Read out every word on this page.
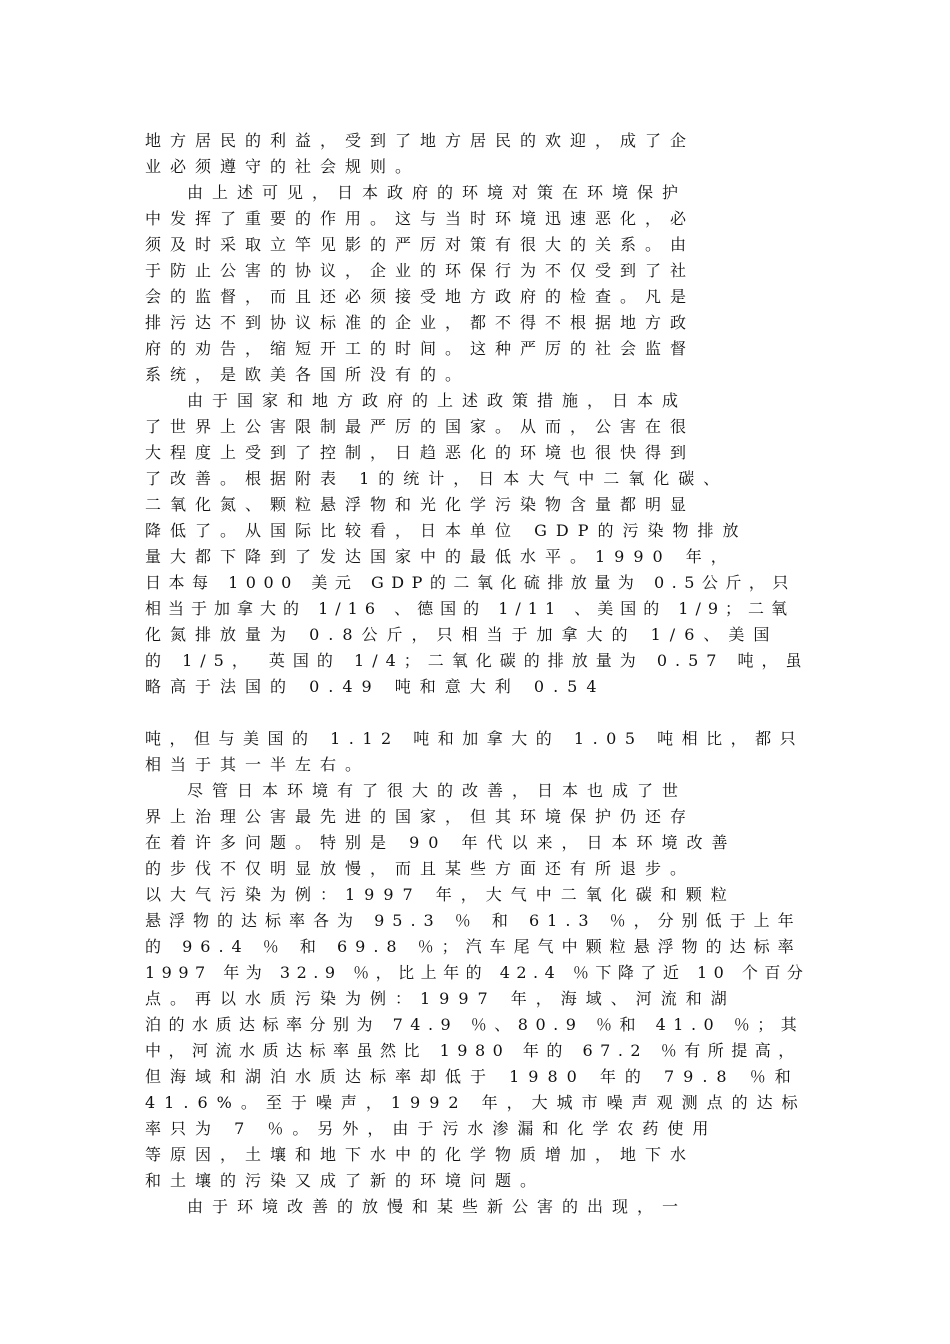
地方居民的利益，受到了地方居民的欢迎，成了企
业必须遵守的社会规则。
由上述可见，日本政府的环境对策在环境保护
中发挥了重要的作用。这与当时环境迅速恶化，必
须及时采取立竿见影的严厉对策有很大的关系。由
于防止公害的协议，企业的环保行为不仅受到了社
会的监督，而且还必须接受地方政府的检查。凡是
排污达不到协议标准的企业，都不得不根据地方政
府的劝告，缩短开工的时间。这种严厉的社会监督
系统，是欧美各国所没有的。
由于国家和地方政府的上述政策措施，日本成
了世界上公害限制最严厉的国家。从而，公害在很
大程度上受到了控制，日趋恶化的环境也很快得到
了改善。根据附表 1的统计，日本大气中二氧化碳、
二氧化氮、颗粒悬浮物和光化学污染物含量都明显
降低了。从国际比较看，日本单位 GDP的污染物排放
量大都下降到了发达国家中的最低水平。1990 年，
日本每 1000 美元 GDP的二氧化硫排放量为 0.5公斤，只
相当于加拿大的 1/16 、德国的 1/11 、美国的 1/9；二氧
化氮排放量为 0.8公斤，只相当于加拿大的 1/6、美国
的 1/5， 英国的 1/4；二氧化碳的排放量为 0.57 吨，虽
略高于法国的 0.49 吨和意大利 0.54
吨，但与美国的 1.12 吨和加拿大的 1.05 吨相比，都只
相当于其一半左右。
尽管日本环境有了很大的改善，日本也成了世
界上治理公害最先进的国家，但其环境保护仍还存
在着许多问题。特别是 90 年代以来，日本环境改善
的步伐不仅明显放慢，而且某些方面还有所退步。
以大气污染为例：1997 年，大气中二氧化碳和颗粒
悬浮物的达标率各为 95.3 ％ 和 61.3 ％，分别低于上年
的 96.4 ％ 和 69.8 ％；汽车尾气中颗粒悬浮物的达标率
1997 年为 32.9 ％，比上年的 42.4 ％下降了近 10 个百分
点。再以水质污染为例：1997 年，海域、河流和湖
泊的水质达标率分别为 74.9 ％、80.9 ％和 41.0 ％；其
中，河流水质达标率虽然比 1980 年的 67.2 ％有所提高，
但海域和湖泊水质达标率却低于 1980 年的 79.8 ％和
41.6%。至于噪声，1992 年，大城市噪声观测点的达标
率只为 7 ％。另外，由于污水渗漏和化学农药使用
等原因，土壤和地下水中的化学物质增加，地下水
和土壤的污染又成了新的环境问题。
由于环境改善的放慢和某些新公害的出现，一
